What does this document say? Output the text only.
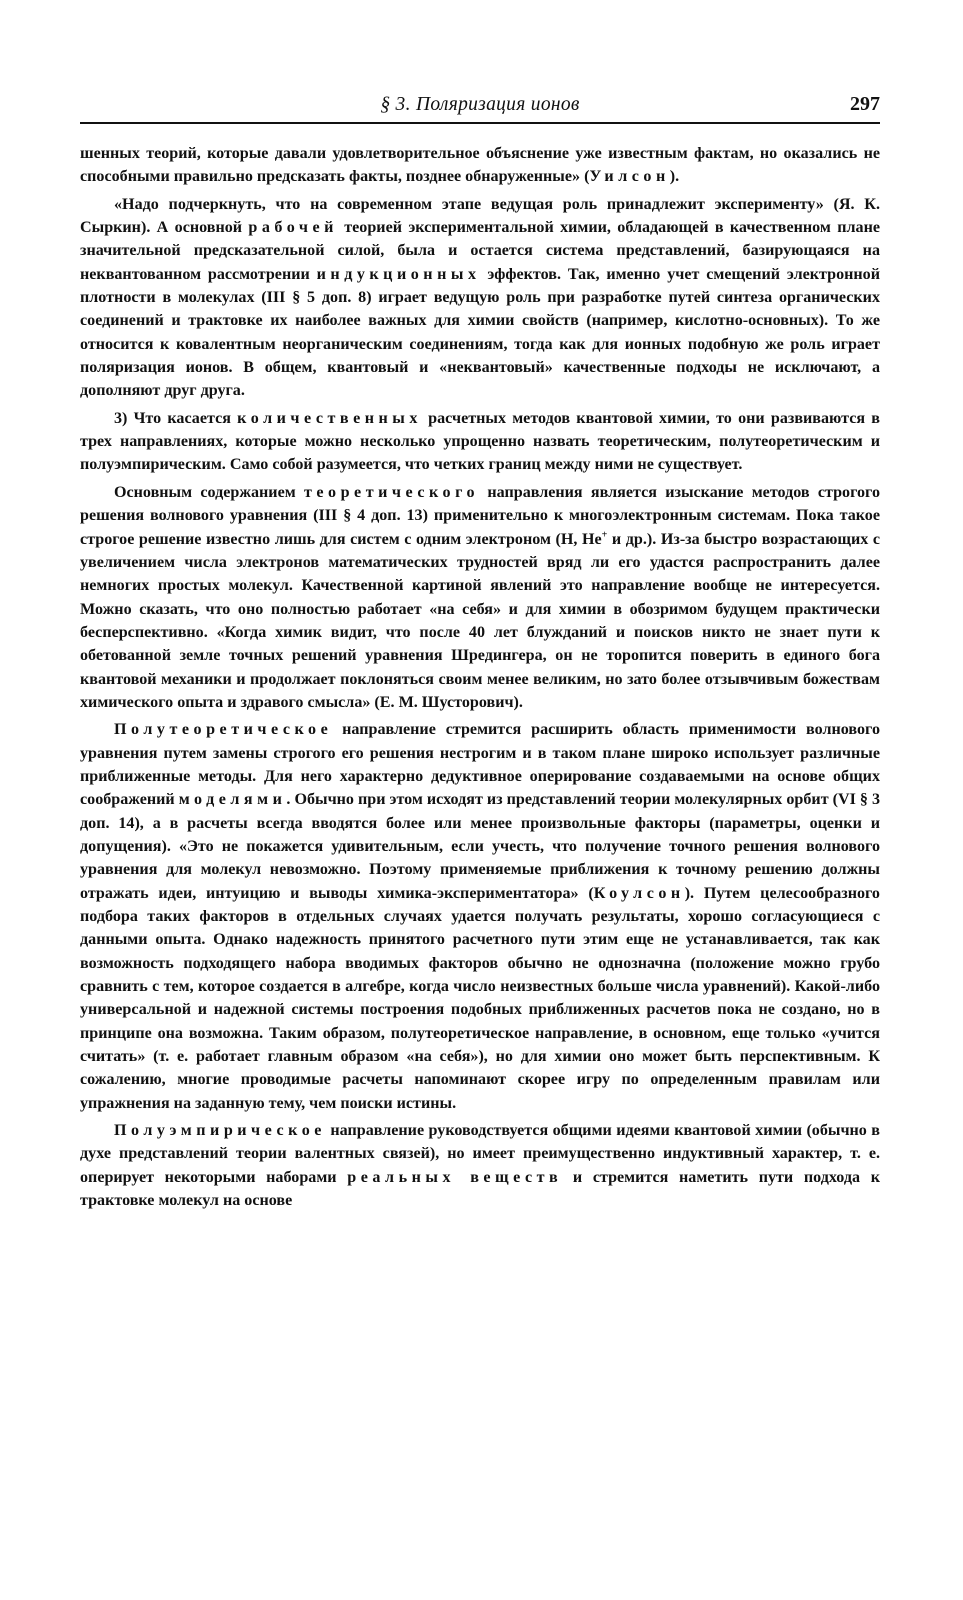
§ 3. Поляризация ионов	297

шенных теорий, которые давали удовлетворительное объяснение уже известным фактам, но оказались не способными правильно предсказать факты, позднее обнаруженные» (Уилсон).

«Надо подчеркнуть, что на современном этапе ведущая роль принадлежит эксперименту» (Я. К. Сыркин). А основной рабочей теорией экспериментальной химии, обладающей в качественном плане значительной предсказательной силой, была и остается система представлений, базирующаяся на неквантованном рассмотрении индукционных эффектов. Так, именно учет смещений электронной плотности в молекулах (III § 5 доп. 8) играет ведущую роль при разработке путей синтеза органических соединений и трактовке их наиболее важных для химии свойств (например, кислотно-основных). То же относится к ковалентным неорганическим соединениям, тогда как для ионных подобную же роль играет поляризация ионов. В общем, квантовый и «неквантовый» качественные подходы не исключают, а дополняют друг друга.

3) Что касается количественных расчетных методов квантовой химии, то они развиваются в трех направлениях, которые можно несколько упрощенно назвать теоретическим, полутеоретическим и полуэмпирическим. Само собой разумеется, что четких границ между ними не существует.

Основным содержанием теоретического направления является изыскание методов строгого решения волнового уравнения (III § 4 доп. 13) применительно к многоэлектронным системам. Пока такое строгое решение известно лишь для систем с одним электроном (H, He+ и др.). Из-за быстро возрастающих с увеличением числа электронов математических трудностей вряд ли его удастся распространить далее немногих простых молекул. Качественной картиной явлений это направление вообще не интересуется. Можно сказать, что оно полностью работает «на себя» и для химии в обозримом будущем практически бесперспективно. «Когда химик видит, что после 40 лет блужданий и поисков никто не знает пути к обетованной земле точных решений уравнения Шредингера, он не торопится поверить в единого бога квантовой механики и продолжает поклоняться своим менее великим, но зато более отзывчивым божествам химического опыта и здравого смысла» (Е. М. Шусторович).

Полутеоретическое направление стремится расширить область применимости волнового уравнения путем замены строгого его решения нестрогим и в таком плане широко использует различные приближенные методы. Для него характерно дедуктивное оперирование создаваемыми на основе общих соображений моделями. Обычно при этом исходят из представлений теории молекулярных орбит (VI § 3 доп. 14), а в расчеты всегда вводятся более или менее произвольные факторы (параметры, оценки и допущения). «Это не покажется удивительным, если учесть, что получение точного решения волнового уравнения для молекул невозможно. Поэтому применяемые приближения к точному решению должны отражать идеи, интуицию и выводы химика-экспериментатора» (Коулсон). Путем целесообразного подбора таких факторов в отдельных случаях удается получать результаты, хорошо согласующиеся с данными опыта. Однако надежность принятого расчетного пути этим еще не устанавливается, так как возможность подходящего набора вводимых факторов обычно не однозначна (положение можно грубо сравнить с тем, которое создается в алгебре, когда число неизвестных больше числа уравнений). Какой-либо универсальной и надежной системы построения подобных приближенных расчетов пока не создано, но в принципе она возможна. Таким образом, полутеоретическое направление, в основном, еще только «учится считать» (т. е. работает главным образом «на себя»), но для химии оно может быть перспективным. К сожалению, многие проводимые расчеты напоминают скорее игру по определенным правилам или упражнения на заданную тему, чем поиски истины.

Полуэмпирическое направление руководствуется общими идеями квантовой химии (обычно в духе представлений теории валентных связей), но имеет преимущественно индуктивный характер, т. е. оперирует некоторыми наборами реальных веществ и стремится наметить пути подхода к трактовке молекул на основе
